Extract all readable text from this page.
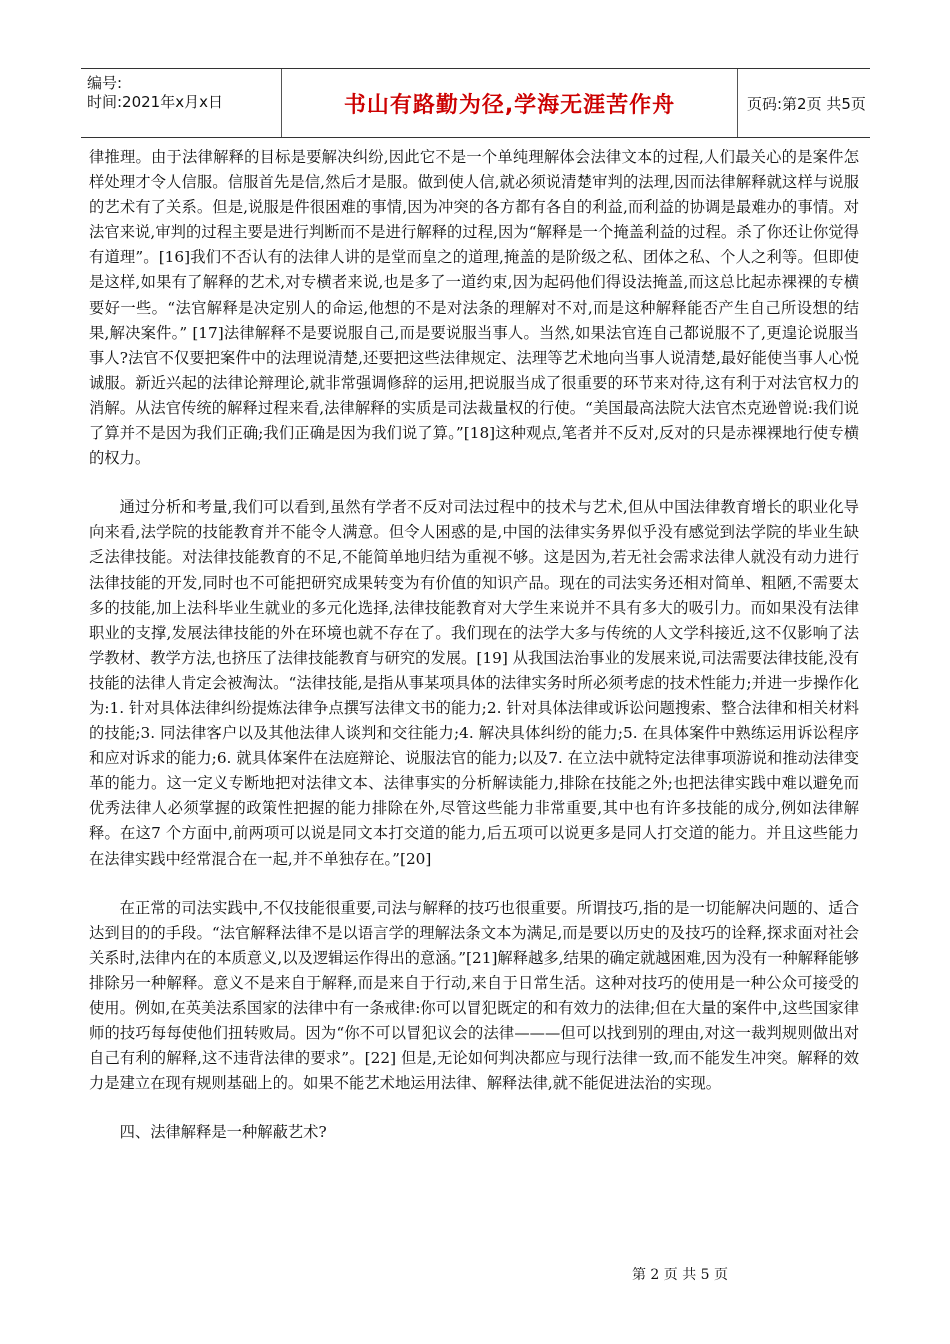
编号:
时间:2021年x月x日	书山有路勤为径,学海无涯苦作舟	页码:第2页 共5页

律推理。由于法律解释的目标是要解决纠纷,因此它不是一个单纯理解体会法律文本的过程,人们最关心的是案件怎样处理才令人信服。信服首先是信,然后才是服。做到使人信,就必须说清楚审判的法理,因而法律解释就这样与说服的艺术有了关系。但是,说服是件很困难的事情,因为冲突的各方都有各自的利益,而利益的协调是最难办的事情。对法官来说,审判的过程主要是进行判断而不是进行解释的过程,因为“解释是一个掩盖利益的过程。杀了你还让你觉得有道理”。[16]我们不否认有的法律人讲的是堂而皇之的道理,掩盖的是阶级之私、团体之私、个人之利等。但即使是这样,如果有了解释的艺术,对专横者来说,也是多了一道约束,因为起码他们得设法掩盖,而这总比起赤裸裸的专横要好一些。“法官解释是决定别人的命运,他想的不是对法条的理解对不对,而是这种解释能否产生自己所设想的结果,解决案件。” [17]法律解释不是要说服自己,而是要说服当事人。当然,如果法官连自己都说服不了,更遑论说服当事人?法官不仅要把案件中的法理说清楚,还要把这些法律规定、法理等艺术地向当事人说清楚,最好能使当事人心悦诚服。新近兴起的法律论辩理论,就非常强调修辞的运用,把说服当成了很重要的环节来对待,这有利于对法官权力的消解。从法官传统的解释过程来看,法律解释的实质是司法裁量权的行使。“美国最高法院大法官杰克逊曾说:我们说了算并不是因为我们正确;我们正确是因为我们说了算。”[18]这种观点,笔者并不反对,反对的只是赤裸裸地行使专横的权力。

通过分析和考量,我们可以看到,虽然有学者不反对司法过程中的技术与艺术,但从中国法律教育增长的职业化导向来看,法学院的技能教育并不能令人满意。但令人困惑的是,中国的法律实务界似乎没有感觉到法学院的毕业生缺乏法律技能。对法律技能教育的不足,不能简单地归结为重视不够。这是因为,若无社会需求法律人就没有动力进行法律技能的开发,同时也不可能把研究成果转变为有价值的知识产品。现在的司法实务还相对简单、粗陋,不需要太多的技能,加上法科毕业生就业的多元化选择,法律技能教育对大学生来说并不具有多大的吸引力。而如果没有法律职业的支撑,发展法律技能的外在环境也就不存在了。我们现在的法学大多与传统的人文学科接近,这不仅影响了法学教材、教学方法,也挤压了法律技能教育与研究的发展。[19] 从我国法治事业的发展来说,司法需要法律技能,没有技能的法律人肯定会被淘汰。“法律技能,是指从事某项具体的法律实务时所必须考虑的技术性能力;并进一步操作化为:1. 针对具体法律纠纷提炼法律争点撰写法律文书的能力;2. 针对具体法律或诉讼问题搜索、整合法律和相关材料的技能;3. 同法律客户以及其他法律人谈判和交往能力;4. 解决具体纠纷的能力;5. 在具体案件中熟练运用诉讼程序和应对诉求的能力;6. 就具体案件在法庭辩论、说服法官的能力;以及7. 在立法中就特定法律事项游说和推动法律变革的能力。这一定义专断地把对法律文本、法律事实的分析解读能力,排除在技能之外;也把法律实践中难以避免而优秀法律人必须掌握的政策性把握的能力排除在外,尽管这些能力非常重要,其中也有许多技能的成分,例如法律解释。在这7 个方面中,前两项可以说是同文本打交道的能力,后五项可以说更多是同人打交道的能力。并且这些能力在法律实践中经常混合在一起,并不单独存在。”[20]

在正常的司法实践中,不仅技能很重要,司法与解释的技巧也很重要。所谓技巧,指的是一切能解决问题的、适合达到目的的手段。“法官解释法律不是以语言学的理解法条文本为满足,而是要以历史的及技巧的诠释,探求面对社会关系时,法律内在的本质意义,以及逻辑运作得出的意涵。”[21]解释越多,结果的确定就越困难,因为没有一种解释能够排除另一种解释。意义不是来自于解释,而是来自于行动,来自于日常生活。这种对技巧的使用是一种公众可接受的使用。例如,在英美法系国家的法律中有一条戒律:你可以冒犯既定的和有效力的法律;但在大量的案件中,这些国家律师的技巧每每使他们扭转败局。因为“你不可以冒犯议会的法律———但可以找到别的理由,对这一裁判规则做出对自己有利的解释,这不违背法律的要求”。[22] 但是,无论如何判决都应与现行法律一致,而不能发生冲突。解释的效力是建立在现有规则基础上的。如果不能艺术地运用法律、解释法律,就不能促进法治的实现。

四、法律解释是一种解蔽艺术?

第 2 页 共 5 页
